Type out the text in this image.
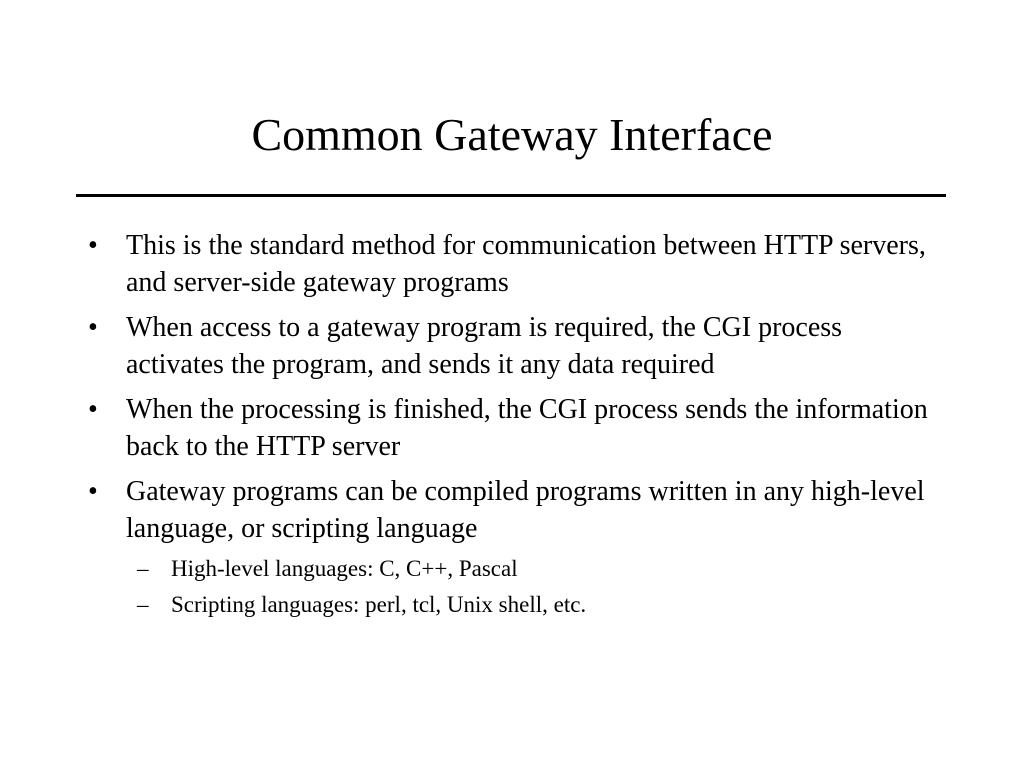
Common Gateway Interface
• This is the standard method for communication between HTTP servers, and server-side gateway programs
• When access to a gateway program is required, the CGI process activates the program, and sends it any data required
• When the processing is finished, the CGI process sends the information back to the HTTP server
• Gateway programs can be compiled programs written in any high-level language, or scripting language
– High-level languages: C, C++, Pascal
– Scripting languages: perl, tcl, Unix shell, etc.
